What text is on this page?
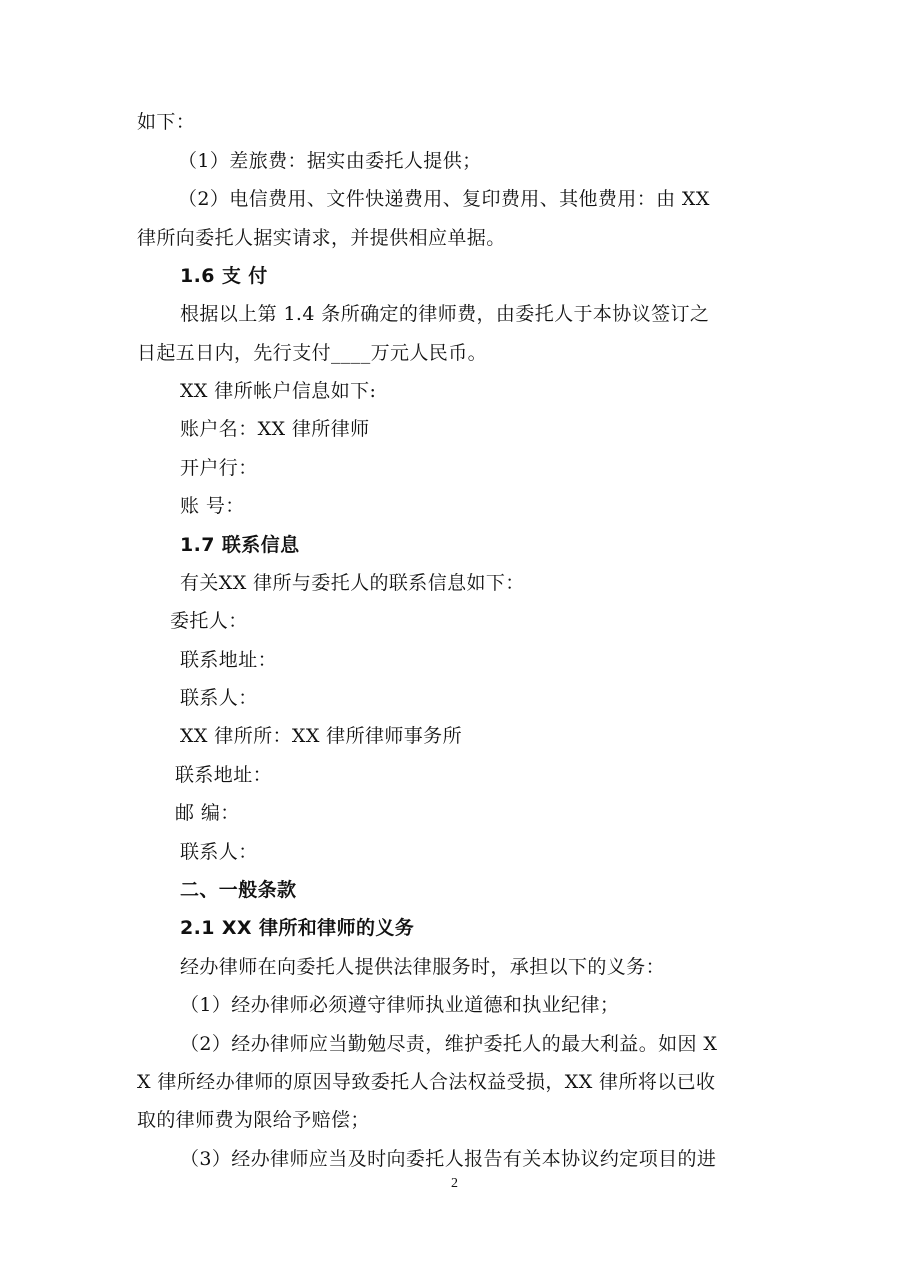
如下：
（1）差旅费：据实由委托人提供；
（2）电信费用、文件快递费用、复印费用、其他费用：由 XX
律所向委托人据实请求，并提供相应单据。
1.6 支 付
根据以上第 1.4 条所确定的律师费，由委托人于本协议签订之
日起五日内，先行支付____万元人民币。
XX 律所帐户信息如下:
账户名：XX 律所律师
开户行：
账 号：
1.7 联系信息
有关XX 律所与委托人的联系信息如下：
委托人：
联系地址：
联系人：
XX 律所所：XX 律所律师事务所
联系地址：
邮 编：
联系人：
二、一般条款
2.1 XX 律所和律师的义务
经办律师在向委托人提供法律服务时，承担以下的义务：
（1）经办律师必须遵守律师执业道德和执业纪律；
（2）经办律师应当勤勉尽责，维护委托人的最大利益。如因 X
X 律所经办律师的原因导致委托人合法权益受损，XX 律所将以已收
取的律师费为限给予赔偿；
（3）经办律师应当及时向委托人报告有关本协议约定项目的进
2
